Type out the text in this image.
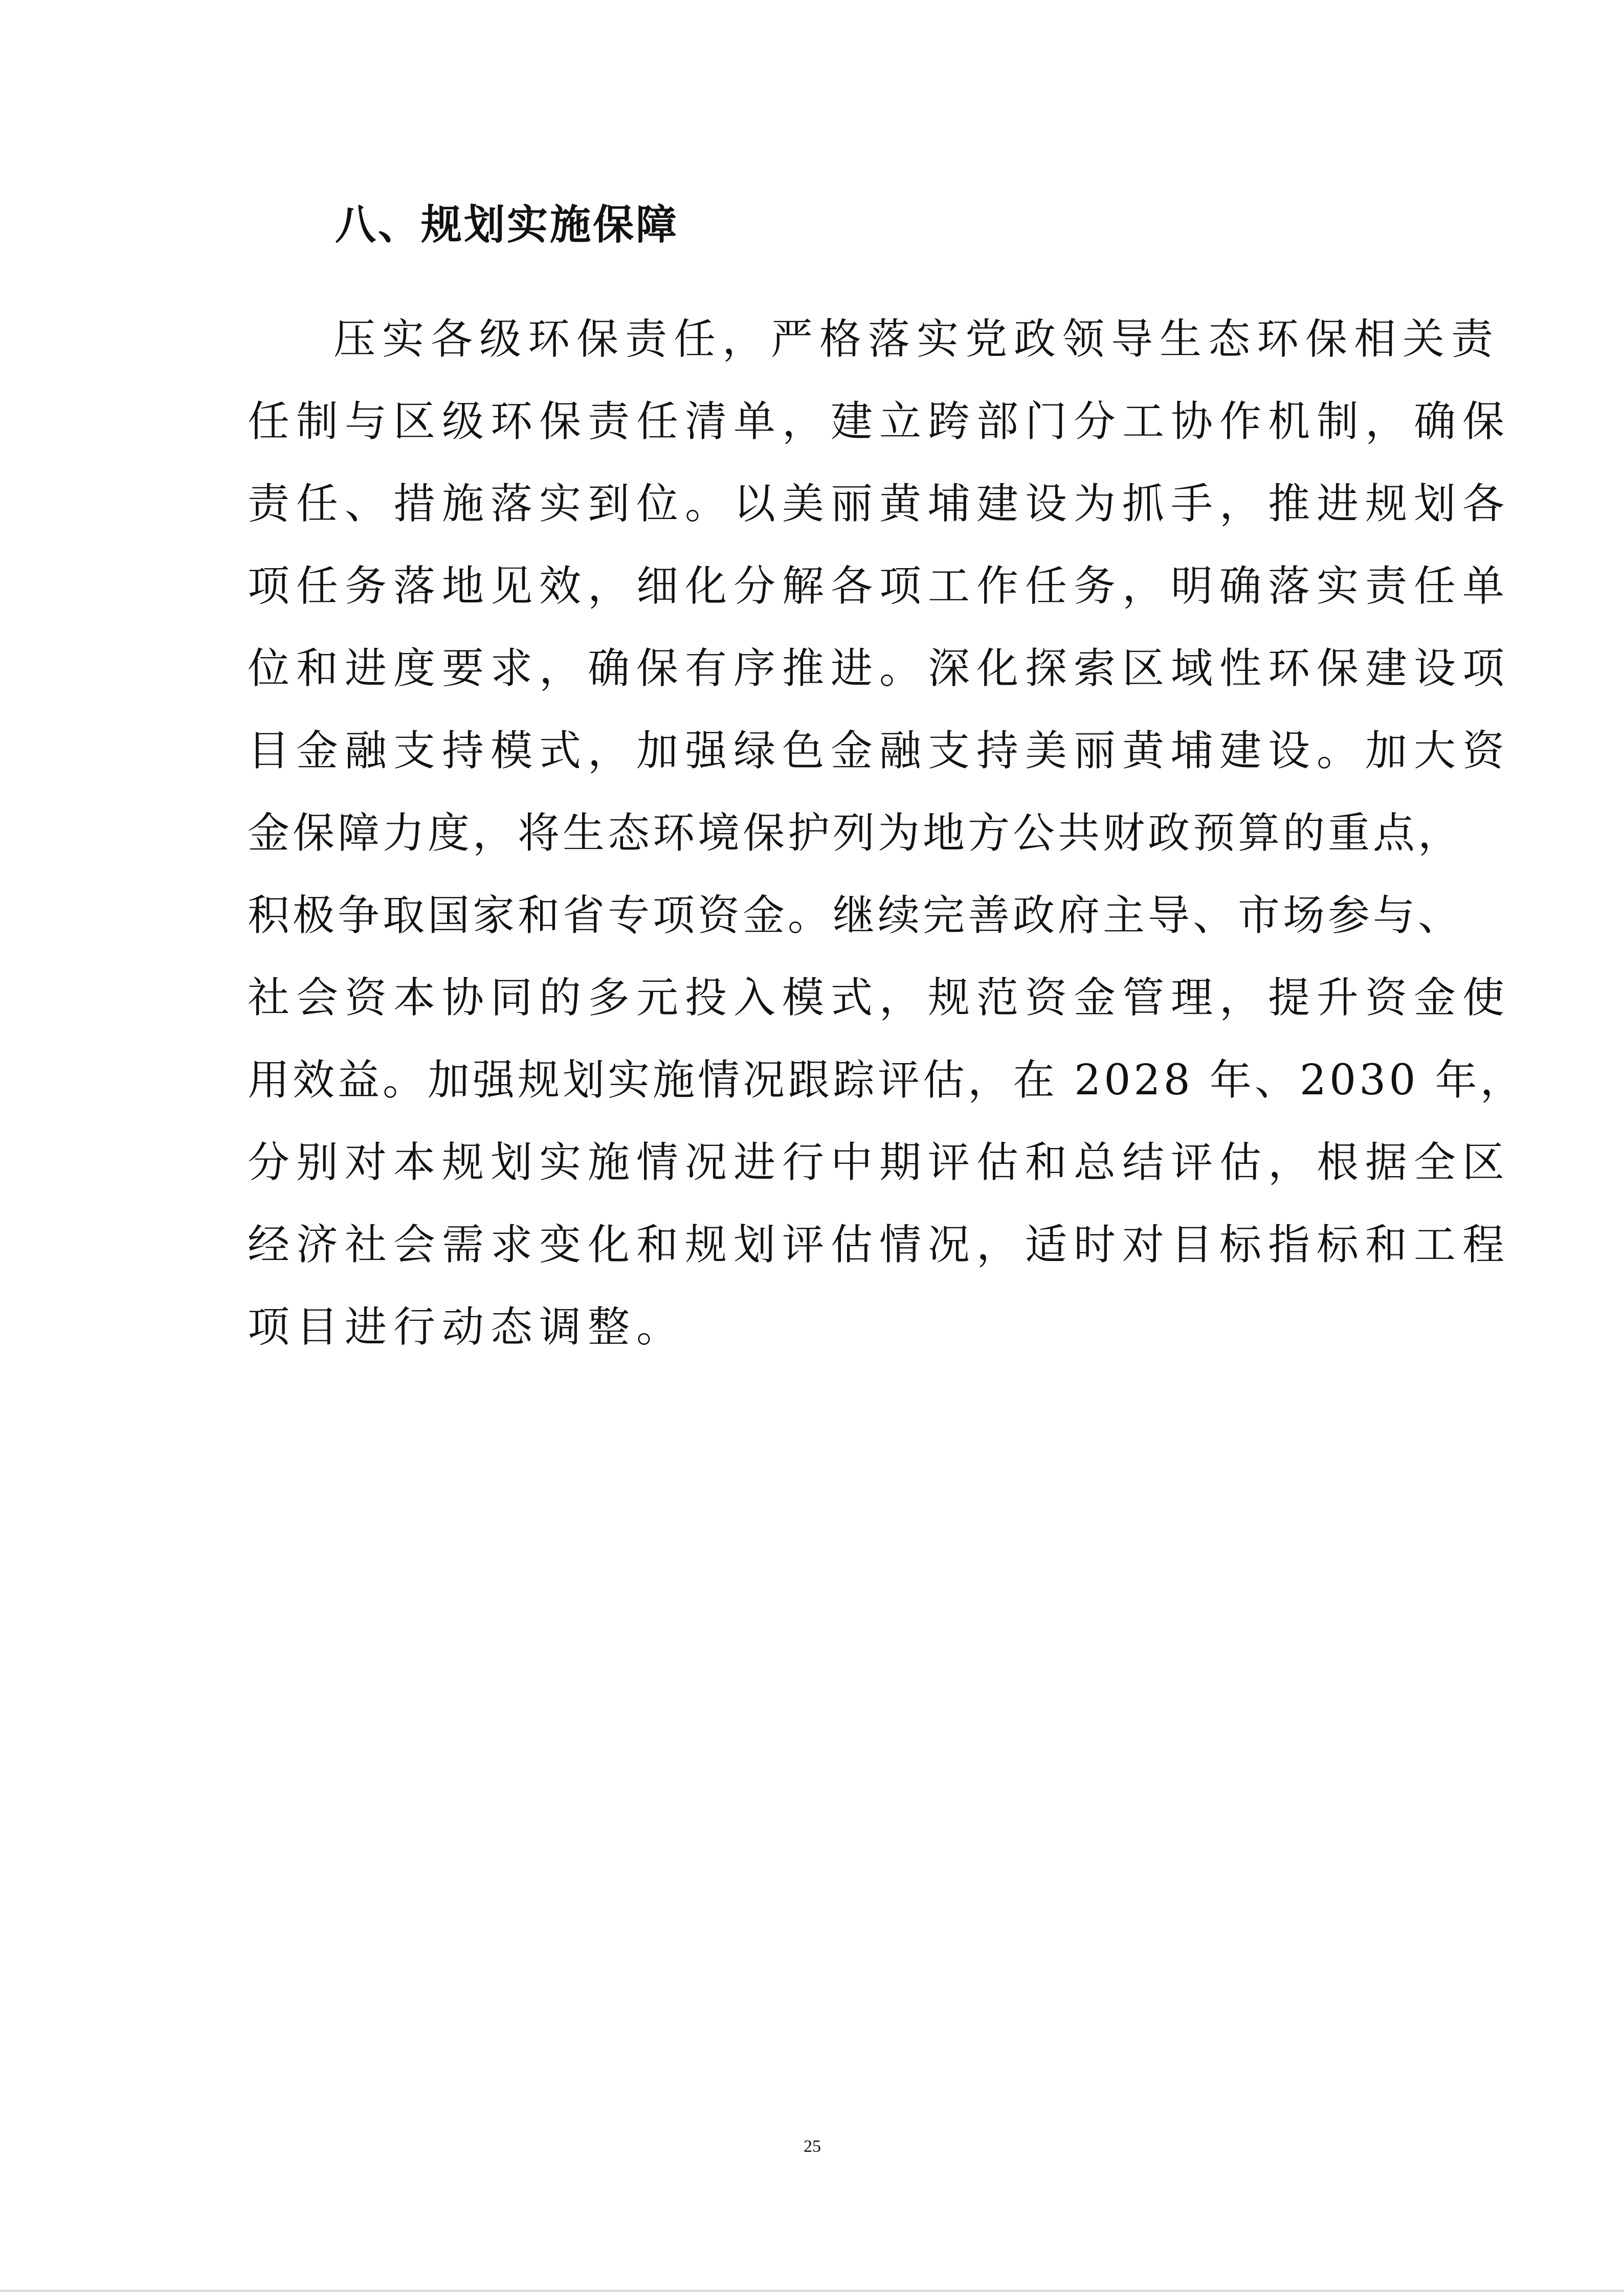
八、规划实施保障
压实各级环保责任，严格落实党政领导生态环保相关责
任制与区级环保责任清单，建立跨部门分工协作机制，确保
责任、措施落实到位。以美丽黄埔建设为抓手，推进规划各
项任务落地见效，细化分解各项工作任务，明确落实责任单
位和进度要求，确保有序推进。深化探索区域性环保建设项
目金融支持模式，加强绿色金融支持美丽黄埔建设。加大资
金保障力度，将生态环境保护列为地方公共财政预算的重点，
积极争取国家和省专项资金。继续完善政府主导、市场参与、
社会资本协同的多元投入模式，规范资金管理，提升资金使
用效益。加强规划实施情况跟踪评估，在 2028 年、2030 年，
分别对本规划实施情况进行中期评估和总结评估，根据全区
经济社会需求变化和规划评估情况，适时对目标指标和工程
项目进行动态调整。
25
